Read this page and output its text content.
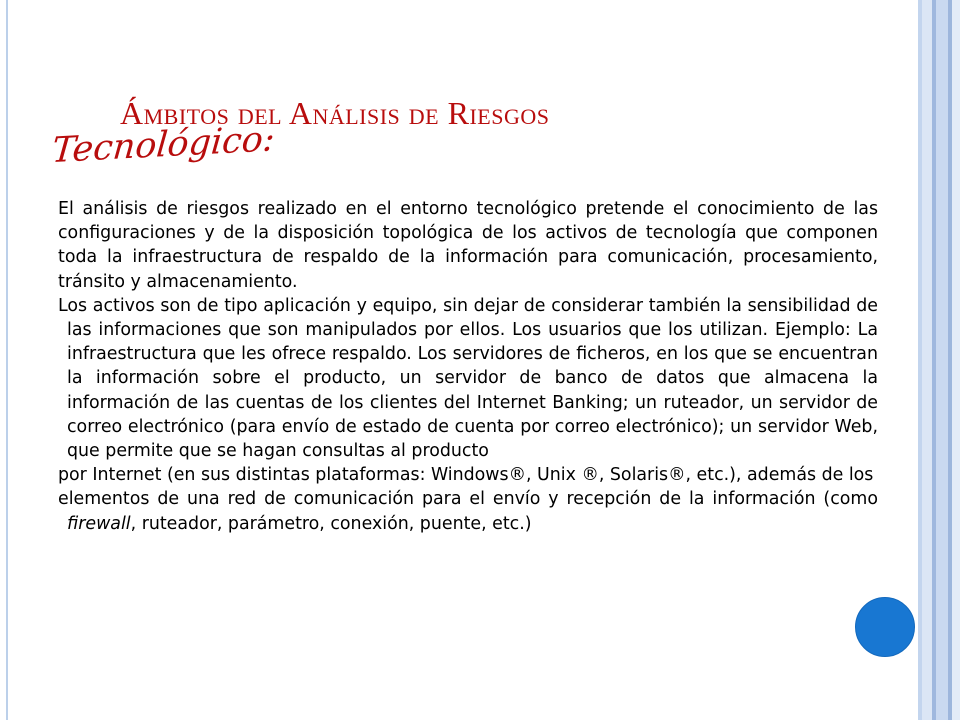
Ámbitos del Análisis de Riesgos
Tecnológico:

El análisis de riesgos realizado en el entorno tecnológico pretende el conocimiento de las configuraciones y de la disposición topológica de los activos de tecnología que componen toda la infraestructura de respaldo de la información para comunicación, procesamiento, tránsito y almacenamiento.

Los activos son de tipo aplicación y equipo, sin dejar de considerar también la sensibilidad de las informaciones que son manipulados por ellos. Los usuarios que los utilizan. Ejemplo: La infraestructura que les ofrece respaldo. Los servidores de ficheros, en los que se encuentran la información sobre el producto, un servidor de banco de datos que almacena la información de las cuentas de los clientes del Internet Banking; un ruteador, un servidor de correo electrónico (para envío de estado de cuenta por correo electrónico); un servidor Web, que permite que se hagan consultas al producto

por Internet (en sus distintas plataformas: Windows®, Unix ®, Solaris®, etc.), además de los

elementos de una red de comunicación para el envío y recepción de la información (como firewall, ruteador, parámetro, conexión, puente, etc.)
